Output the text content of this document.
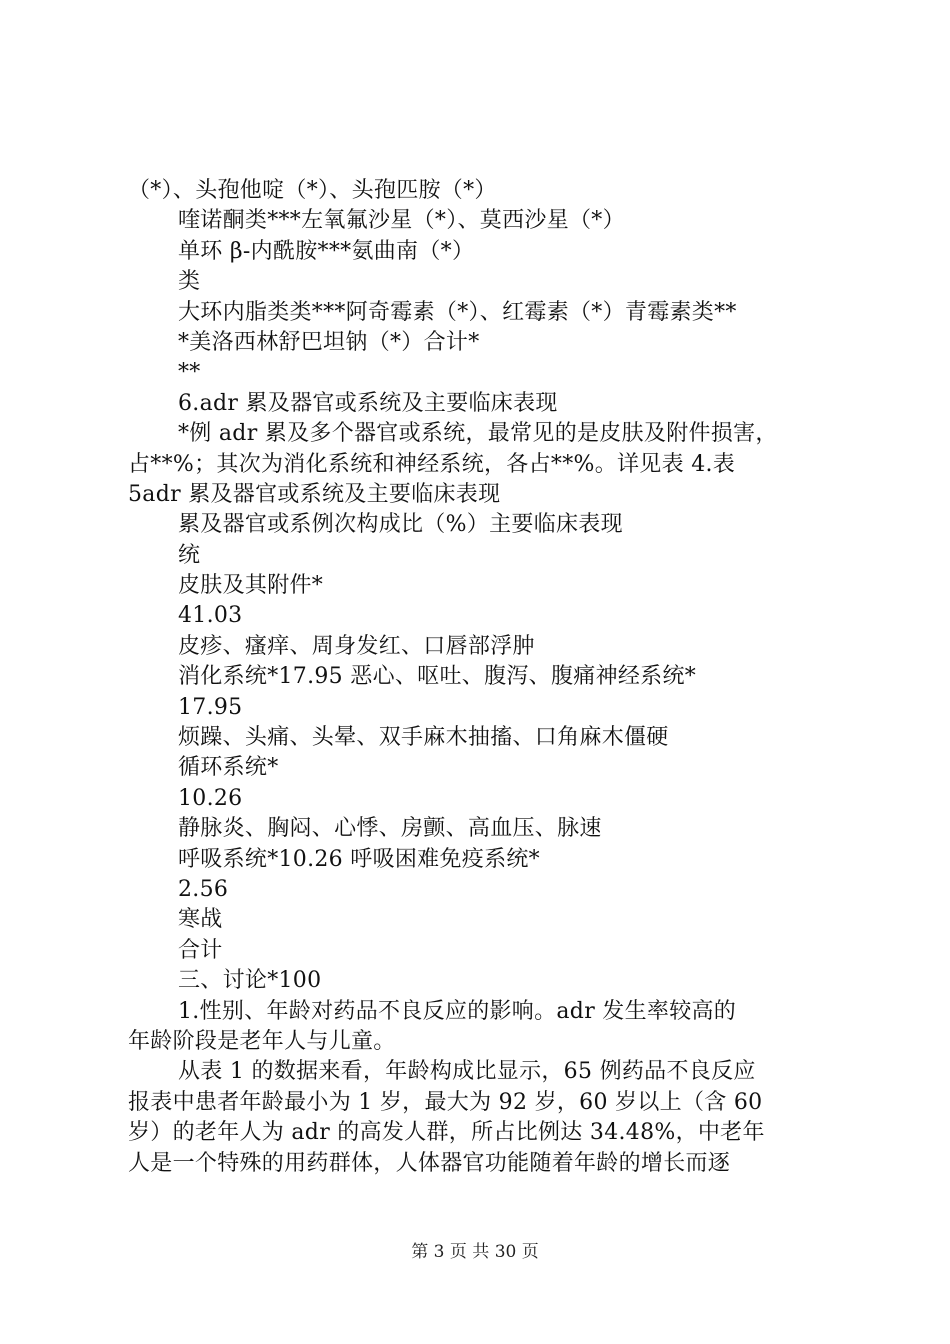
（*）、头孢他啶（*）、头孢匹胺（*）
喹诺酮类***左氧氟沙星（*）、莫西沙星（*）
单环 β-内酰胺***氨曲南（*）
类
大环内脂类类***阿奇霉素（*）、红霉素（*）青霉素类**
*美洛西林舒巴坦钠（*）合计*
**
6.adr 累及器官或系统及主要临床表现
*例 adr 累及多个器官或系统，最常见的是皮肤及附件损害，
占**%；其次为消化系统和神经系统，各占**%。详见表 4.表
5adr 累及器官或系统及主要临床表现
累及器官或系例次构成比（%）主要临床表现
统
皮肤及其附件*
41.03
皮疹、瘙痒、周身发红、口唇部浮肿
消化系统*17.95 恶心、呕吐、腹泻、腹痛神经系统*
17.95
烦躁、头痛、头晕、双手麻木抽搐、口角麻木僵硬
循环系统*
10.26
静脉炎、胸闷、心悸、房颤、高血压、脉速
呼吸系统*10.26 呼吸困难免疫系统*
2.56
寒战
合计
三、讨论*100
1.性别、年龄对药品不良反应的影响。adr 发生率较高的
年龄阶段是老年人与儿童。
从表 1 的数据来看，年龄构成比显示，65 例药品不良反应
报表中患者年龄最小为 1 岁，最大为 92 岁，60 岁以上（含 60
岁）的老年人为 adr 的高发人群，所占比例达 34.48%，中老年
人是一个特殊的用药群体，人体器官功能随着年龄的增长而逐
第 3 页 共 30 页
